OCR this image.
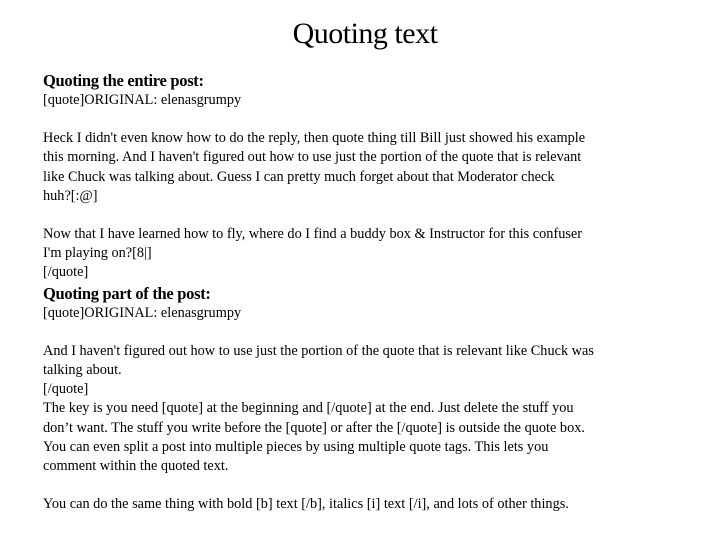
Quoting text
Quoting the entire post:
[quote]ORIGINAL: elenasgrumpy
Heck I didn't even know how to do the reply, then quote thing till Bill just showed his example
this morning. And I haven't figured out how to use just the portion of the quote that is relevant
like Chuck was talking about. Guess I can pretty much forget about that Moderator check
huh?[:@]
Now that I have learned how to fly, where do I find a buddy box & Instructor for this confuser
I'm playing on?[8|]
[/quote]
Quoting part of the post:
[quote]ORIGINAL: elenasgrumpy
And I haven't figured out how to use just the portion of the quote that is relevant like Chuck was
talking about.
[/quote]
The key is you need [quote] at the beginning and [/quote] at the end. Just delete the stuff you
don’t want. The stuff you write before the [quote] or after the [/quote] is outside the quote box.
You can even split a post into multiple pieces by using multiple quote tags. This lets you
comment within the quoted text.
You can do the same thing with bold [b] text [/b], italics [i] text [/i], and lots of other things.
